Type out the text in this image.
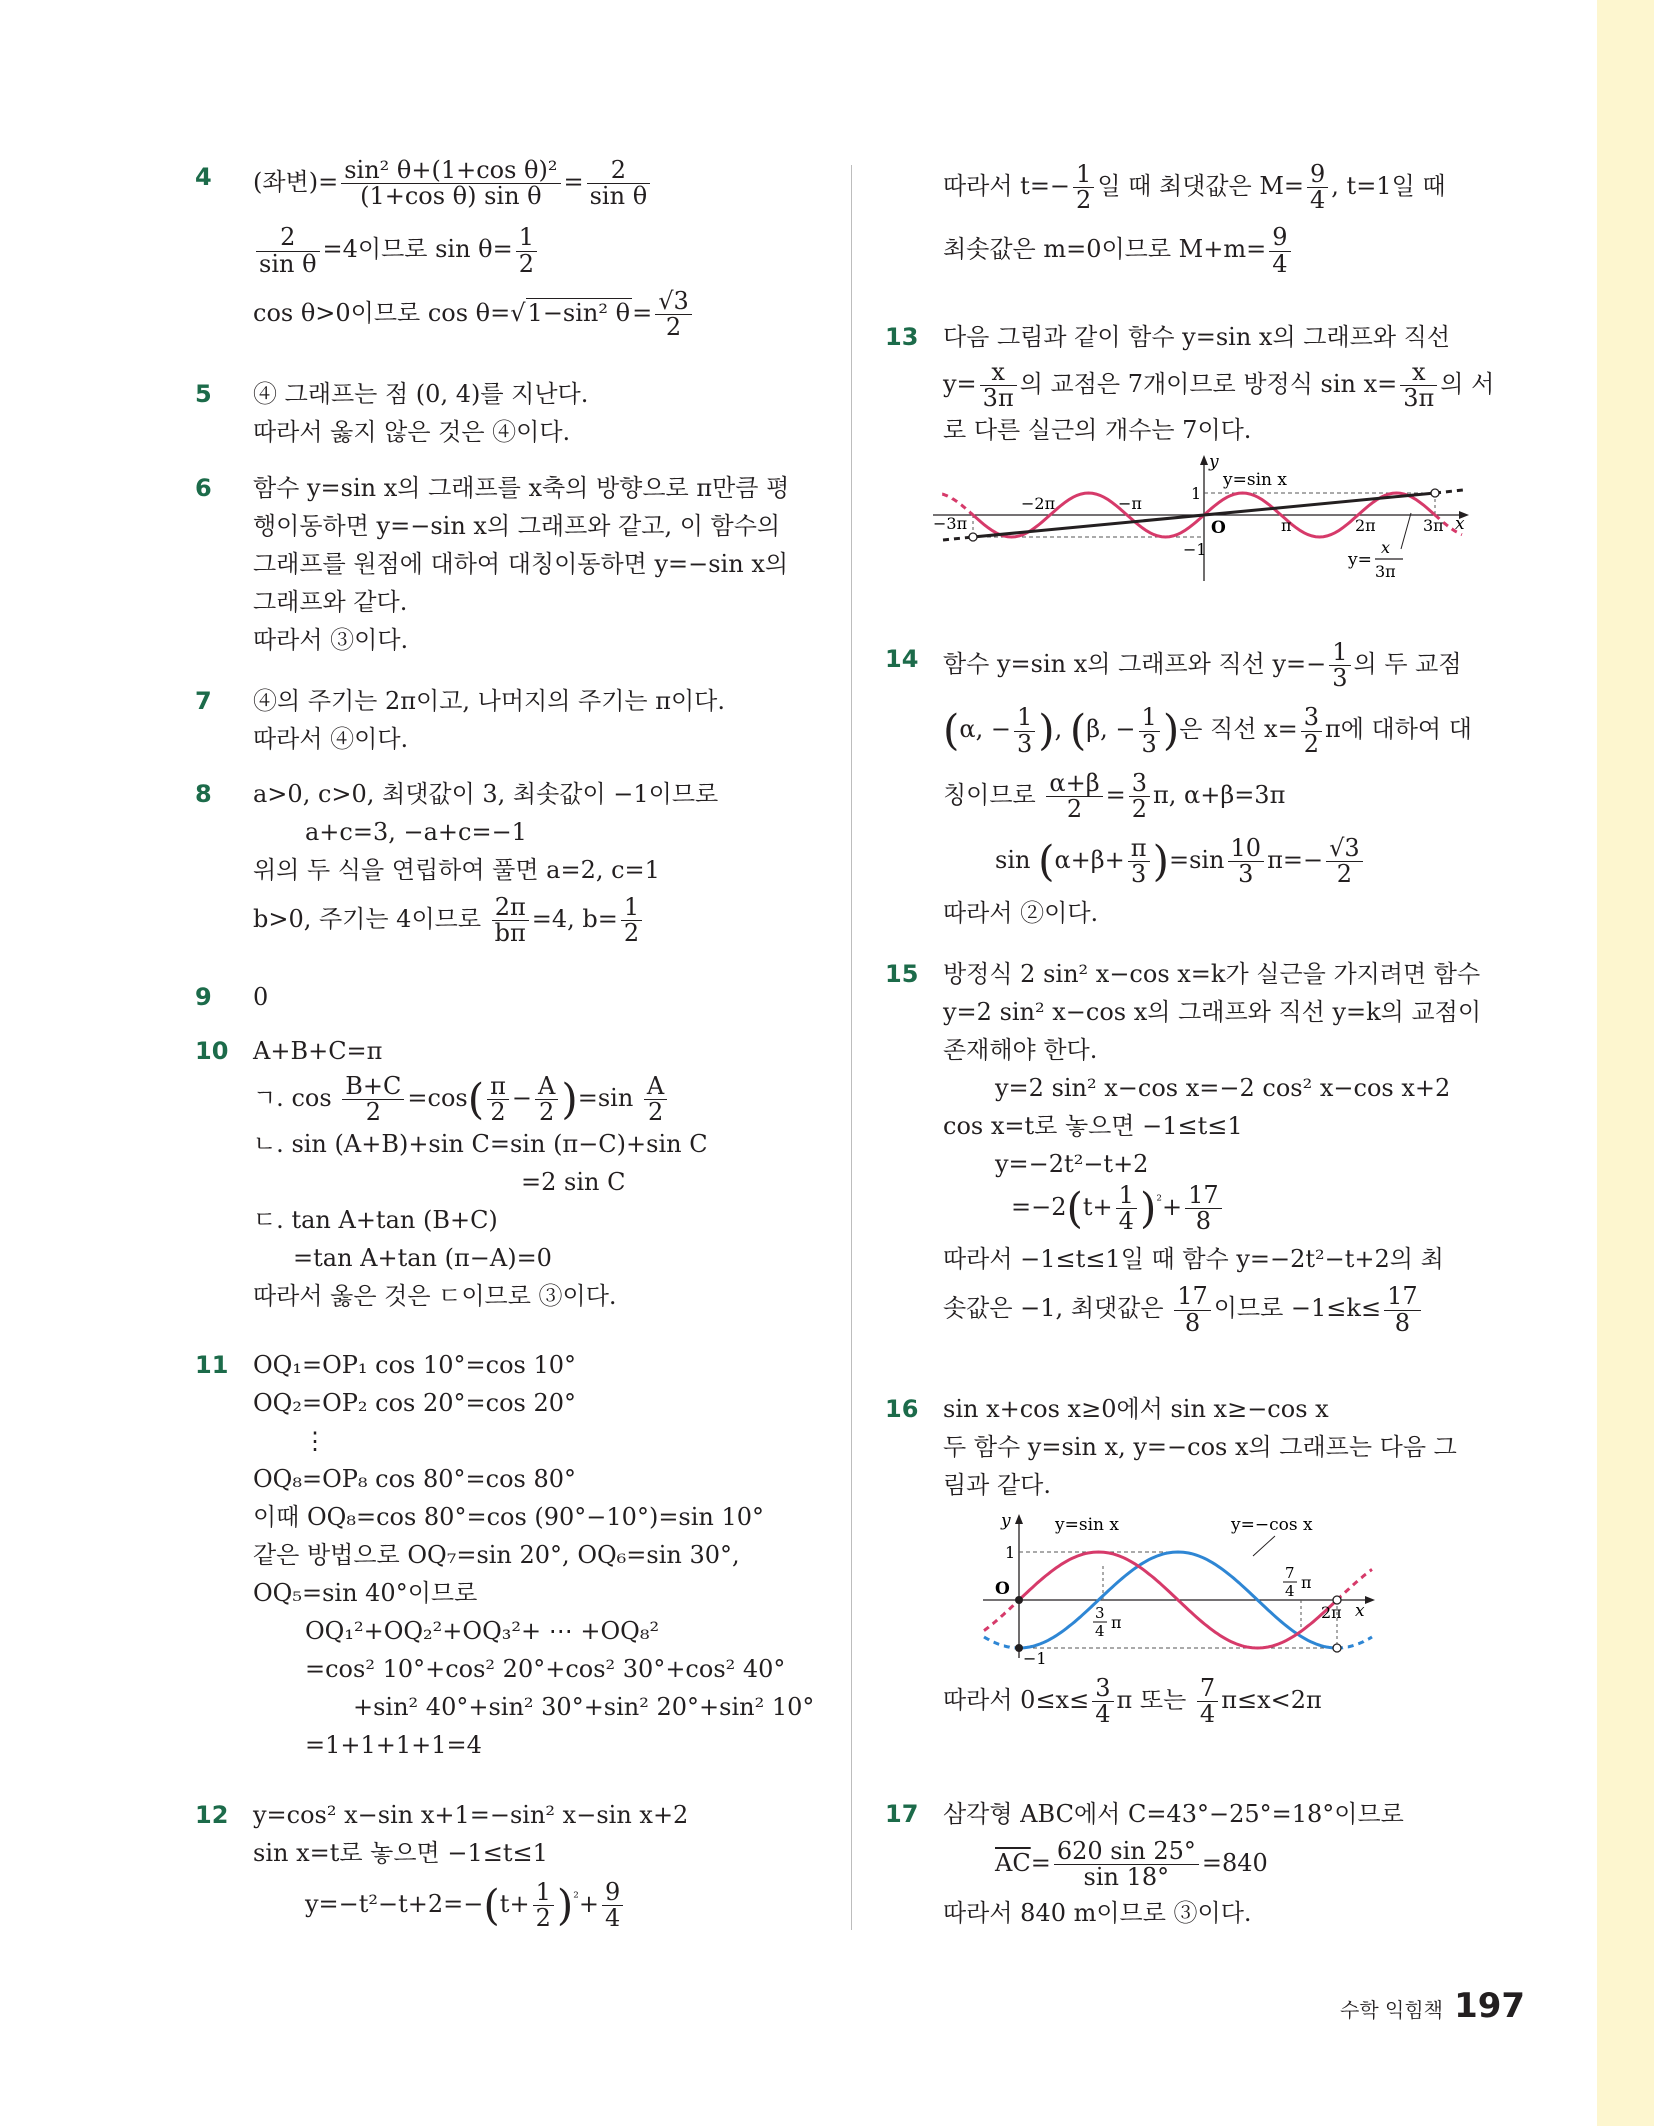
4 (좌변)= $\frac{\text{sin² θ+(1+cos θ)²}}{\text{(1+cos θ) sin θ}} = \frac{2}{\text{sin θ}}$
$\frac{2}{\text{sin θ}} =4$이므로 $\sin \theta= \frac{1}{2}$
cos θ>0이므로 cos θ=√1−sin² $\theta= \frac{√3}{2}$
5 ④ 그래프는 점 (0, 4)를 지난다.
따라서 옳지 않은 것은 ④이다.
6 함수 y=sin x의 그래프를 x축의 방향으로 π만큼 평
행이동하면 y=−sin x의 그래프와 같고, 이 함수의
그래프를 원점에 대하여 대칭이동하면 y=−sin x의
그래프와 같다.
따라서 ③이다.
7 ④의 주기는 2π이고, 나머지의 주기는 π이다.
따라서 ④이다.
8 a>0, c>0, 최댓값이 3, 최솟값이 −1이므로
a+c=3, −a+c=−1
위의 두 식을 연립하여 풀면 a=2, c=1
b>0, 주기는 4이므로 $\frac{2\pi}{b\pi} =4$, $b= \frac{1}{2}$
9 0
10 A+B+C=π
ㄱ. $\cos \frac{B+C}{2} =\cos( \frac{\pi}{2} - \frac{A}{2} )=\sin \frac{A}{2}$
ㄴ. sin (A+B)+sin C=sin (π−C)+sin C
=2 sin C
ㄷ. tan A+tan (B+C)
=tan A+tan (π−A)=0
따라서 옳은 것은 ㄷ이므로 ③이다.
11 OQ₁=OP₁ cos 10°=cos 10°
OQ₂=OP₂ cos 20°=cos 20°
⋮
OQ₈=OP₈ cos 80°=cos 80°
이때 OQ₈=cos 80°=cos (90°−10°)=sin 10°
같은 방법으로 OQ₇=sin 20°, OQ₆=sin 30°,
OQ₅=sin 40°이므로
OQ₁²+OQ₂²+OQ₃²+ ⋯ +OQ₈²
=cos² 10°+cos² 20°+cos² 30°+cos² 40°
+sin² 40°+sin² 30°+sin² 20°+sin² 10°
=1+1+1+1=4
12 y=cos² x−sin x+1=−sin² x−sin x+2
sin x=t로 놓으면 −1≤t≤1
$y=-t^2-t+2=-(t+ \frac{1}{2} )^{^2}+ \frac{9}{4}$
따라서 $t=- \frac{1}{2}$ 일 때 최댓값은 $M= \frac{9}{4}$ , t=1일 때
최솟값은 m=0이므로 $M+m= \frac{9}{4}$
13 다음 그림과 같이 함수 y=sin x의 그래프와 직선
$y= \frac{x}{3\pi}$ 의 교점은 7개이므로 방정식 $\sin x= \frac{x}{3\pi}$ 의 서
로 다른 실근의 개수는 7이다.
y
y=sin x
1
−2π	−π
−3π	O	π	2π	3π x
−1
y=
x
3π
14 함수 y=sin x의 그래프와 직선 $y=- \frac{1}{3}$ 의 두 교점
(α, − $\frac{1}{3}$ ), (β, − $\frac{1}{3}$ )은 직선 $x= \frac{3}{2}$ π에 대하여 대
칭이므로 $\frac{\alpha+\beta}{2} = \frac{3}{2} \pi$, α+β=3π
$\sin (\alpha+\beta+ \frac{\pi}{3} )=\sin \frac{10}{3} \pi=- \frac{√3}{2}$
따라서 ②이다.
15 방정식 2 sin² x−cos x=k가 실근을 가지려면 함수
y=2 sin² x−cos x의 그래프와 직선 y=k의 교점이
존재해야 한다.
y=2 sin² x−cos x=−2 cos² x−cos x+2
cos x=t로 놓으면 −1≤t≤1
y=−2t²−t+2
$=-2(t+ \frac{1}{4} )^{^2}+ \frac{17}{8}$
따라서 −1≤t≤1일 때 함수 y=−2t²−t+2의 최
솟값은 −1, 최댓값은 $\frac{17}{8}$ 이므로 $-1\le k\le \frac{17}{8}$
16 sin x+cos x≥0에서 sin x≥−cos x
두 함수 y=sin x, y=−cos x의 그래프는 다음 그
림과 같다.
y	y=sin x	y=−cos x
1
O
7
4 π
3
4 π
2π x
−1
따라서 $0\le x\le \frac{3}{4}$ π 또는 $\frac{7}{4} \pi\le x<2\pi$
17 삼각형 ABC에서 C=43°−25°=18°이므로
$\overline{AC}= \frac{620 \sin 25^\circ}{\sin 18^\circ} =840$
따라서 840 m이므로 ③이다.
수학 익힘책 197
